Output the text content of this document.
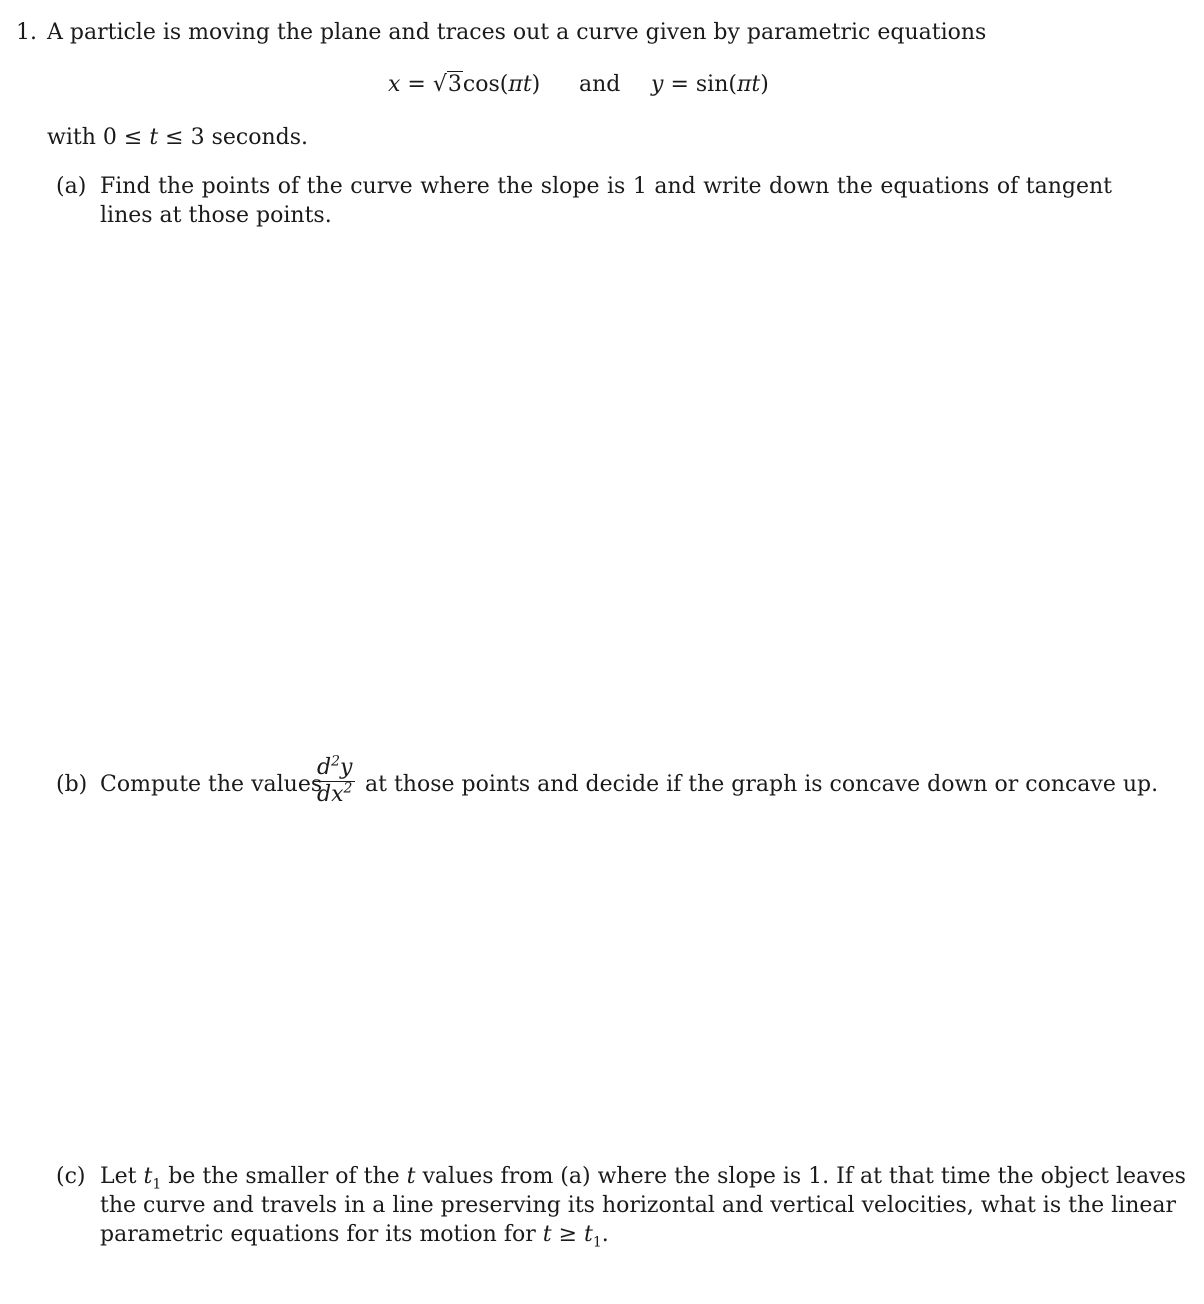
1. A particle is moving the plane and traces out a curve given by parametric equations
x = √3cos(πt) and y = sin(πt)
with 0 ≤ t ≤ 3 seconds.
(a) Find the points of the curve where the slope is 1 and write down the equations of tangent lines at those points.
(b) Compute the values
$\frac{d^2y}{dx^2}$ at those points and decide if the graph is concave down or concave up.
(c) Let $t_1$ be the smaller of the t values from (a) where the slope is 1. If at that time the object leaves
the curve and travels in a line preserving its horizontal and vertical velocities, what is the linear
parametric equations for its motion for $t \ge t_1$.
